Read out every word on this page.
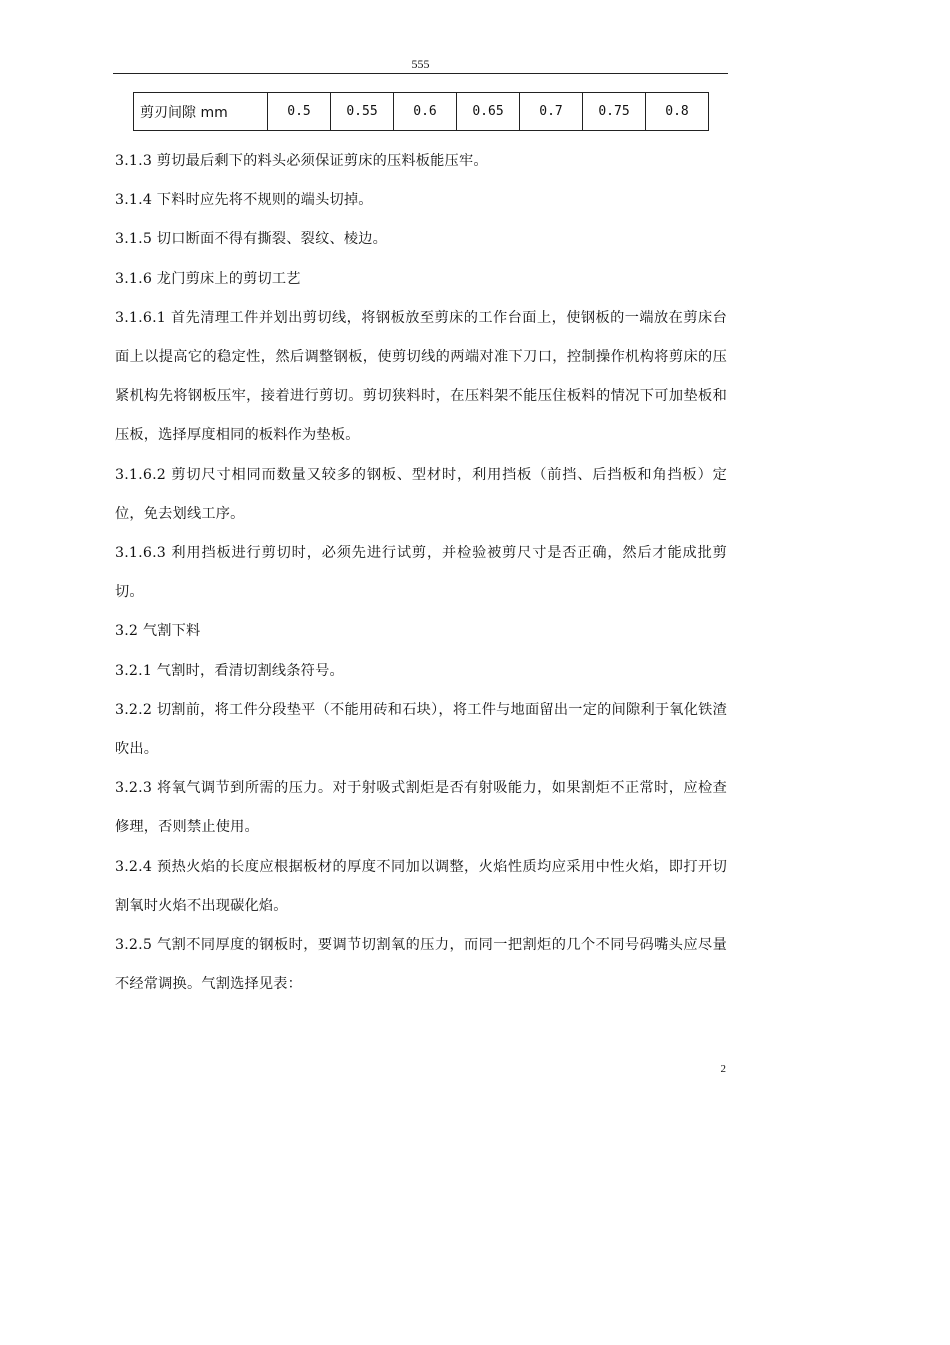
555
剪刃间隙 mm	0.5	0.55	0.6	0.65	0.7	0.75	0.8

3.1.3 剪切最后剩下的料头必须保证剪床的压料板能压牢。

3.1.4 下料时应先将不规则的端头切掉。

3.1.5 切口断面不得有撕裂、裂纹、棱边。

3.1.6 龙门剪床上的剪切工艺

3.1.6.1 首先清理工件并划出剪切线，将钢板放至剪床的工作台面上，使钢板的一端放在剪床台面上以提高它的稳定性，然后调整钢板，使剪切线的两端对准下刀口，控制操作机构将剪床的压紧机构先将钢板压牢，接着进行剪切。剪切狭料时，在压料架不能压住板料的情况下可加垫板和压板，选择厚度相同的板料作为垫板。

3.1.6.2 剪切尺寸相同而数量又较多的钢板、型材时，利用挡板（前挡、后挡板和角挡板）定位，免去划线工序。

3.1.6.3 利用挡板进行剪切时，必须先进行试剪，并检验被剪尺寸是否正确，然后才能成批剪切。

3.2 气割下料

3.2.1 气割时，看清切割线条符号。

3.2.2 切割前，将工件分段垫平（不能用砖和石块），将工件与地面留出一定的间隙利于氧化铁渣吹出。

3.2.3 将氧气调节到所需的压力。对于射吸式割炬是否有射吸能力，如果割炬不正常时，应检查修理，否则禁止使用。

3.2.4 预热火焰的长度应根据板材的厚度不同加以调整，火焰性质均应采用中性火焰，即打开切割氧时火焰不出现碳化焰。

3.2.5 气割不同厚度的钢板时，要调节切割氧的压力，而同一把割炬的几个不同号码嘴头应尽量不经常调换。气割选择见表：

2
